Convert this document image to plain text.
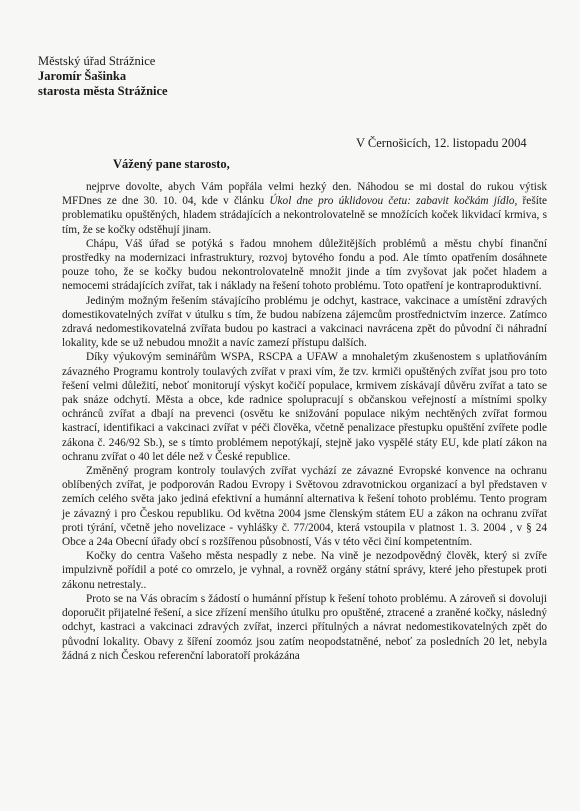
Městský úřad Strážnice
Jaromír Šašinka
starosta města Strážnice
V Černošicích, 12. listopadu 2004
Vážený pane starosto,

nejprve dovolte, abych Vám popřála velmi hezký den. Náhodou se mi dostal do rukou výtisk MFDnes ze dne 30. 10. 04, kde v článku Úkol dne pro úklidovou četu: zabavit kočkám jídlo, řešíte problematiku opuštěných, hladem strádajících a nekontrolovatelně se množících koček likvidací krmiva, s tím, že se kočky odstěhují jinam.

Chápu, Váš úřad se potýká s řadou mnohem důležitějších problémů a městu chybí finanční prostředky na modernizaci infrastruktury, rozvoj bytového fondu a pod. Ale tímto opatřením dosáhnete pouze toho, že se kočky budou nekontrolovatelně množit jinde a tím zvyšovat jak počet hladem a nemocemi strádajících zvířat, tak i náklady na řešení tohoto problému. Toto opatření je kontraproduktivní.

Jediným možným řešením stávajícího problému je odchyt, kastrace, vakcinace a umístění zdravých domestikovatelných zvířat v útulku s tím, že budou nabízena zájemcům prostřednictvím inzerce. Zatímco zdravá nedomestikovatelná zvířata budou po kastraci a vakcinaci navrácena zpět do původní či náhradní lokality, kde se už nebudou množit a navíc zamezí přístupu dalších.

Díky výukovým seminářům WSPA, RSCPA a UFAW a mnohaletým zkušenostem s uplatňováním závazného Programu kontroly toulavých zvířat v praxi vím, že tzv. krmiči opuštěných zvířat jsou pro toto řešení velmi důležití, neboť monitorují výskyt kočičí populace, krmivem získávají důvěru zvířat a tato se pak snáze odchytí. Města a obce, kde radnice spolupracují s občanskou veřejností a místními spolky ochránců zvířat a dbají na prevenci (osvětu ke snižování populace nikým nechtěných zvířat formou kastrací, identifikaci a vakcinaci zvířat v péči člověka, včetně penalizace přestupku opuštění zvířete podle zákona č. 246/92 Sb.), se s tímto problémem nepotýkají, stejně jako vyspělé státy EU, kde platí zákon na ochranu zvířat o 40 let déle než v České republice.

Změněný program kontroly toulavých zvířat vychází ze závazné Evropské konvence na ochranu oblíbených zvířat, je podporován Radou Evropy i Světovou zdravotnickou organizací a byl představen v zemích celého světa jako jediná efektivní a humánní alternativa k řešení tohoto problému. Tento program je závazný i pro Českou republiku. Od května 2004 jsme členským státem EU a zákon na ochranu zvířat proti týrání, včetně jeho novelizace - vyhlášky č. 77/2004, která vstoupila v platnost 1. 3. 2004 , v § 24 Obce a 24a Obecní úřady obcí s rozšířenou působností, Vás v této věci činí kompetentním.

Kočky do centra Vašeho města nespadly z nebe. Na vině je nezodpovědný člověk, který si zvíře impulzivně pořídil a poté co omrzelo, je vyhnal, a rovněž orgány státní správy, které jeho přestupek proti zákonu netrestaly..

Proto se na Vás obracím s žádostí o humánní přístup k řešení tohoto problému. A zároveň si dovoluji doporučit přijatelné řešení, a sice zřízení menšího útulku pro opuštěné, ztracené a zraněné kočky, následný odchyt, kastraci a vakcinaci zdravých zvířat, inzerci přítulných a návrat nedomestikovatelných zpět do původní lokality. Obavy z šíření zoomóz jsou zatím neopodstatněné, neboť za posledních 20 let, nebyla žádná z nich Českou referenční laboratoří prokázána
